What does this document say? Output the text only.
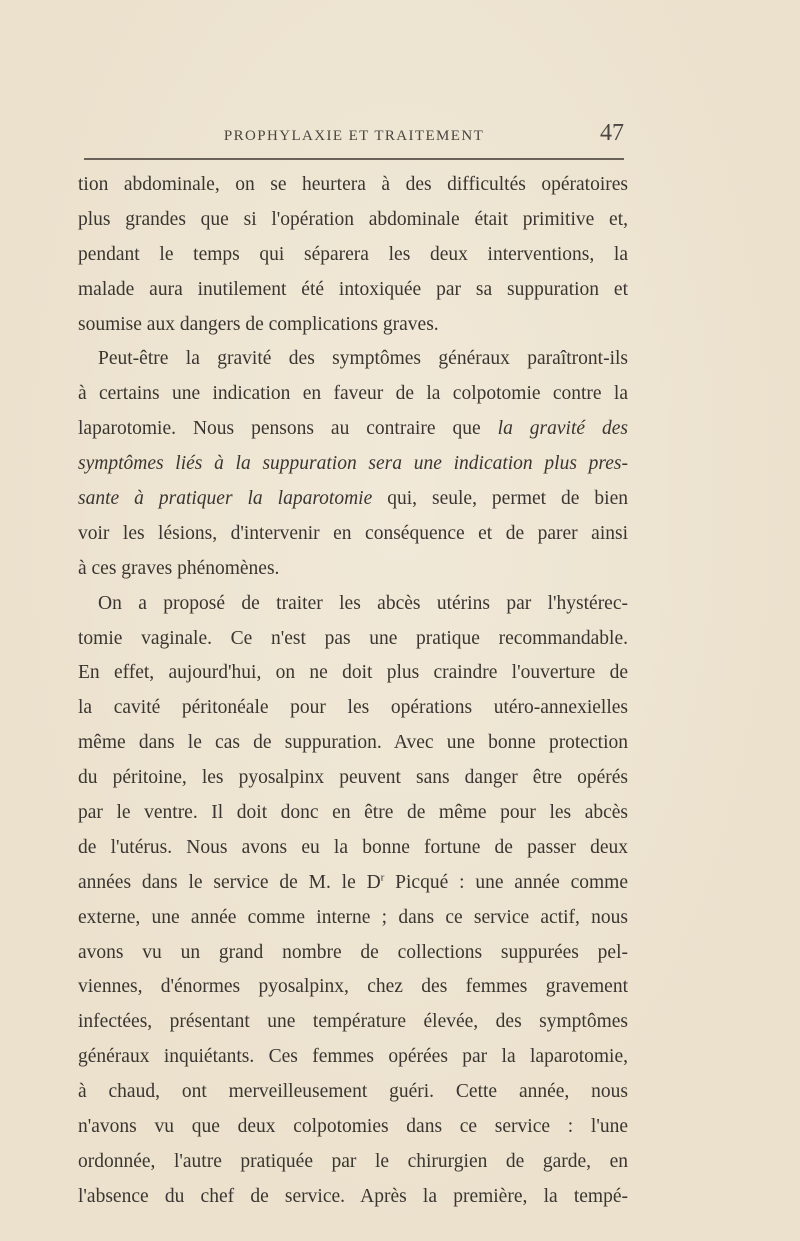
PROPHYLAXIE ET TRAITEMENT	47
tion abdominale, on se heurtera à des difficultés opératoires
plus grandes que si l'opération abdominale était primitive et,
pendant le temps qui séparera les deux interventions, la
malade aura inutilement été intoxiquée par sa suppuration et
soumise aux dangers de complications graves.
Peut-être la gravité des symptômes généraux paraîtront-ils
à certains une indication en faveur de la colpotomie contre la
laparotomie. Nous pensons au contraire que la gravité des
symptômes liés à la suppuration sera une indication plus pres-
sante à pratiquer la laparotomie qui, seule, permet de bien
voir les lésions, d'intervenir en conséquence et de parer ainsi
à ces graves phénomènes.
On a proposé de traiter les abcès utérins par l'hystérec-
tomie vaginale. Ce n'est pas une pratique recommandable.
En effet, aujourd'hui, on ne doit plus craindre l'ouverture de
la cavité péritonéale pour les opérations utéro-annexielles
même dans le cas de suppuration. Avec une bonne protection
du péritoine, les pyosalpinx peuvent sans danger être opérés
par le ventre. Il doit donc en être de même pour les abcès
de l'utérus. Nous avons eu la bonne fortune de passer deux
années dans le service de M. le $D^r$ Picqué : une année comme
externe, une année comme interne ; dans ce service actif, nous
avons vu un grand nombre de collections suppurées pel-
viennes, d'énormes pyosalpinx, chez des femmes gravement
infectées, présentant une température élevée, des symptômes
généraux inquiétants. Ces femmes opérées par la laparotomie,
à chaud, ont merveilleusement guéri. Cette année, nous
n'avons vu que deux colpotomies dans ce service : l'une
ordonnée, l'autre pratiquée par le chirurgien de garde, en
l'absence du chef de service. Après la première, la tempé-
